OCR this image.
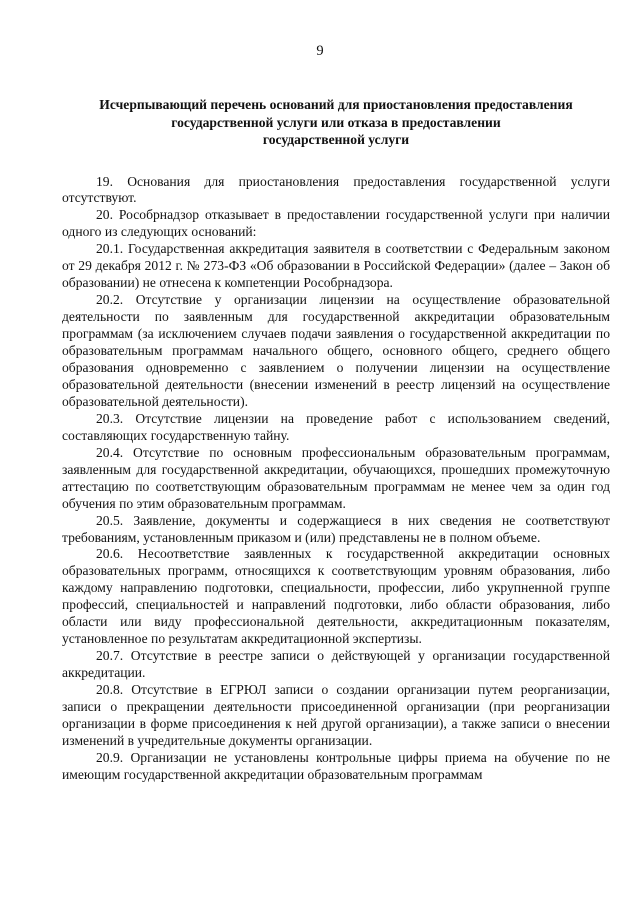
9
Исчерпывающий перечень оснований для приостановления предоставления
государственной услуги или отказа в предоставлении
государственной услуги

19. Основания для приостановления предоставления государственной услуги отсутствуют.

20. Рособрнадзор отказывает в предоставлении государственной услуги при наличии одного из следующих оснований:

20.1. Государственная аккредитация заявителя в соответствии с Федеральным законом от 29 декабря 2012 г. № 273-ФЗ «Об образовании в Российской Федерации» (далее – Закон об образовании) не отнесена к компетенции Рособрнадзора.

20.2. Отсутствие у организации лицензии на осуществление образовательной деятельности по заявленным для государственной аккредитации образовательным программам (за исключением случаев подачи заявления о государственной аккредитации по образовательным программам начального общего, основного общего, среднего общего образования одновременно с заявлением о получении лицензии на осуществление образовательной деятельности (внесении изменений в реестр лицензий на осуществление образовательной деятельности).

20.3. Отсутствие лицензии на проведение работ с использованием сведений, составляющих государственную тайну.

20.4. Отсутствие по основным профессиональным образовательным программам, заявленным для государственной аккредитации, обучающихся, прошедших промежуточную аттестацию по соответствующим образовательным программам не менее чем за один год обучения по этим образовательным программам.

20.5. Заявление, документы и содержащиеся в них сведения не соответствуют требованиям, установленным приказом и (или) представлены не в полном объеме.

20.6. Несоответствие заявленных к государственной аккредитации основных образовательных программ, относящихся к соответствующим уровням образования, либо каждому направлению подготовки, специальности, профессии, либо укрупненной группе профессий, специальностей и направлений подготовки, либо области образования, либо области или виду профессиональной деятельности, аккредитационным показателям, установленное по результатам аккредитационной экспертизы.

20.7. Отсутствие в реестре записи о действующей у организации государственной аккредитации.

20.8. Отсутствие в ЕГРЮЛ записи о создании организации путем реорганизации, записи о прекращении деятельности присоединенной организации (при реорганизации организации в форме присоединения к ней другой организации), а также записи о внесении изменений в учредительные документы организации.

20.9. Организации не установлены контрольные цифры приема на обучение по не имеющим государственной аккредитации образовательным программам
